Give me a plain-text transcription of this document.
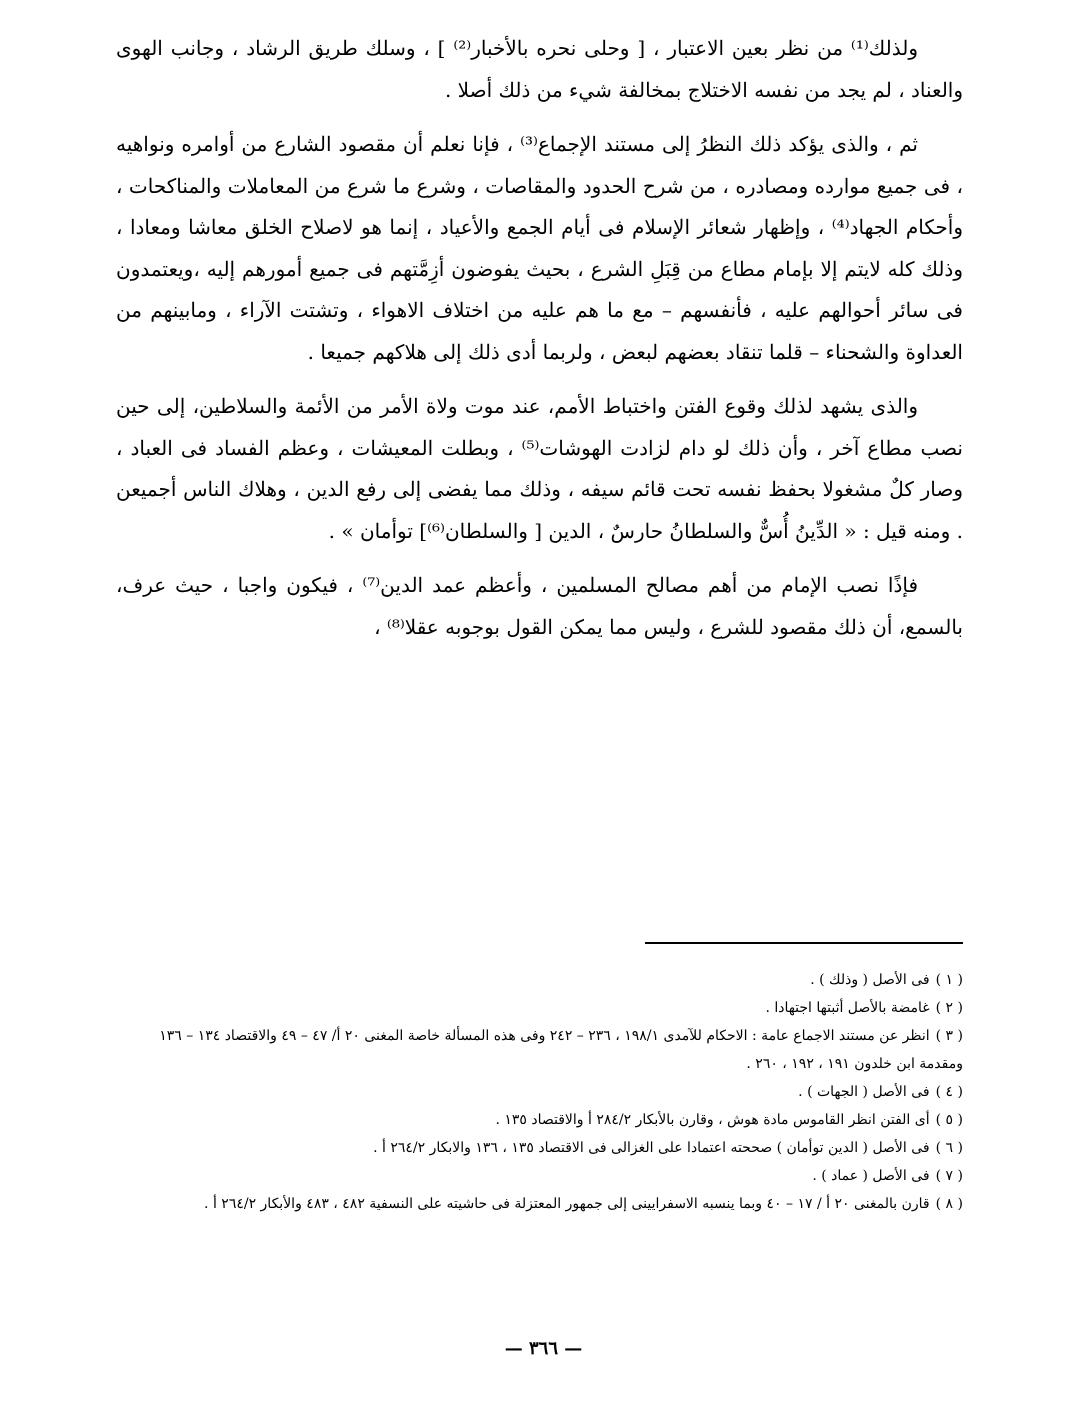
ولذلك⁽¹⁾ من نظر بعين الاعتبار ، [ وحلى نحره بالأخبار⁽²⁾ ] ، وسلك طريق الرشاد ، وجانب الهوى والعناد ، لم يجد من نفسه الاختلاج بمخالفة شيء من ذلك أصلا .

ثم ، والذى يؤكد ذلك النظرُ إلى مستند الإجماع⁽³⁾ ، فإنا نعلم أن مقصود الشارع من أوامره ونواهيه ، فى جميع موارده ومصادره ، من شرح الحدود والمقاصات ، وشرع ما شرع من المعاملات والمناكحات ، وأحكام الجهاد⁽⁴⁾ ، وإظهار شعائر الإسلام فى أيام الجمع والأعياد ، إنما هو لاصلاح الخلق معاشا ومعادا ، وذلك كله لايتم إلا بإمام مطاع من قِبَلِ الشرع ، بحيث يفوضون أزِمَّتهم فى جميع أمورهم إليه ،ويعتمدون فى سائر أحوالهم عليه ، فأنفسهم – مع ما هم عليه من اختلاف الاهواء ، وتشتت الآراء ، ومابينهم من العداوة والشحناء – قلما تنقاد بعضهم لبعض ، ولربما أدى ذلك إلى هلاكهم جميعا .

والذى يشهد لذلك وقوع الفتن واختباط الأمم، عند موت ولاة الأمر من الأئمة والسلاطين، إلى حين نصب مطاع آخر ، وأن ذلك لو دام لزادت الهوشات⁽⁵⁾ ، وبطلت المعيشات ، وعظم الفساد فى العباد ، وصار كلٌ مشغولا بحفظ نفسه تحت قائم سيفه ، وذلك مما يفضى إلى رفع الدين ، وهلاك الناس أجميعن . ومنه قيل : « الدِّينُ أُسٌّ والسلطانُ حارسٌ ، الدين [ والسلطان⁽⁶⁾] توأمان » .

فإذًا نصب الإمام من أهم مصالح المسلمين ، وأعظم عمد الدين⁽⁷⁾ ، فيكون واجبا ، حيث عرف، بالسمع، أن ذلك مقصود للشرع ، وليس مما يمكن القول بوجوبه عقلا⁽⁸⁾ ،

( ١ )فى الأصل ( وذلك ) .

( ٢ )غامضة بالأصل أثبتها اجتهادا .

( ٣ )انظر عن مستند الاجماع عامة : الاحكام للآمدى ١٩٨/١ ، ٢٣٦ – ٢٤٢ وفى هذه المسألة خاصة المغنى ٢٠ أ/ ٤٧ – ٤٩ والاقتصاد ١٣٤ – ١٣٦ ومقدمة ابن خلدون ١٩١ ، ١٩٢ ، ٢٦٠ .

( ٤ )فى الأصل ( الجهات ) .

( ٥ )أى الفتن انظر القاموس مادة هوش ، وقارن بالأبكار ٢٨٤/٢ أ والاقتصاد ١٣٥ .

( ٦ )فى الأصل ( الدين توأمان ) صححته اعتمادا على الغزالى فى الاقتصاد ١٣٥ ، ١٣٦ والابكار ٢٦٤/٢ أ .

( ٧ )فى الأصل ( عماد ) .

( ٨ )قارن بالمغنى ٢٠ أ / ١٧ – ٤٠ وبما ينسبه الاسفرايينى إلى جمهور المعتزلة فى حاشيته على النسفية ٤٨٢ ، ٤٨٣ والأبكار ٢٦٤/٢ أ .

— ٣٦٦ —
